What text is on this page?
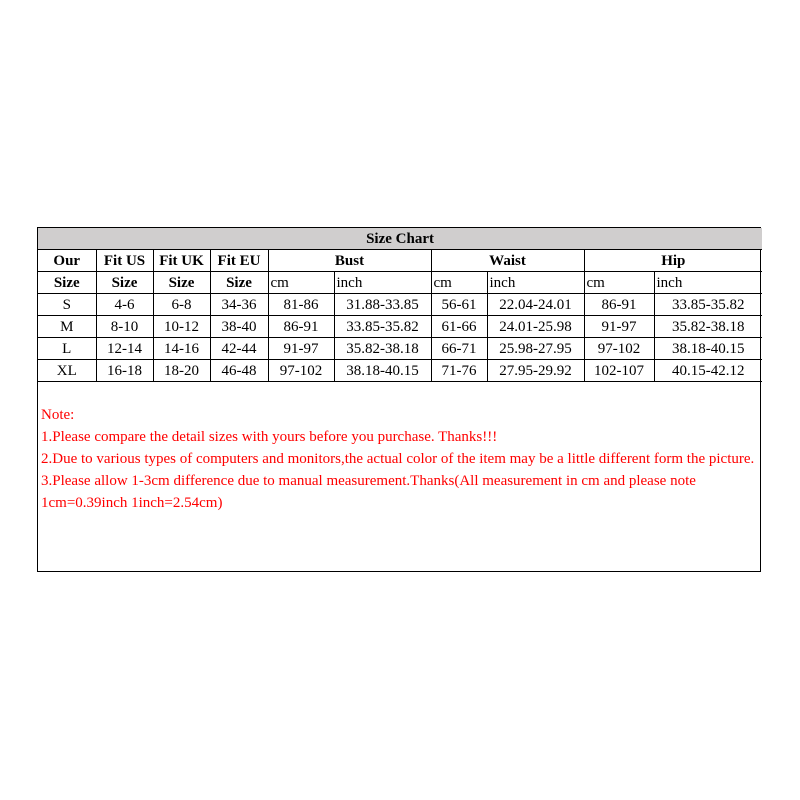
Size Chart									
Our	Fit US	Fit UK	Fit EU	Bust		Waist		Hip	
Size	Size	Size	Size	cm	inch	cm	inch	cm	inch
S	4-6	6-8	34-36	81-86	31.88-33.85	56-61	22.04-24.01	86-91	33.85-35.82
M	8-10	10-12	38-40	86-91	33.85-35.82	61-66	24.01-25.98	91-97	35.82-38.18
L	12-14	14-16	42-44	91-97	35.82-38.18	66-71	25.98-27.95	97-102	38.18-40.15
XL	16-18	18-20	46-48	97-102	38.18-40.15	71-76	27.95-29.92	102-107	40.15-42.12
Note:
1.Please compare the detail sizes with yours before you purchase. Thanks!!!
2.Due to various types of computers and monitors,the actual color of the item may be a little different form the picture.
3.Please allow 1-3cm difference due to manual measurement.Thanks(All measurement in cm and please note 1cm=0.39inch 1inch=2.54cm)
